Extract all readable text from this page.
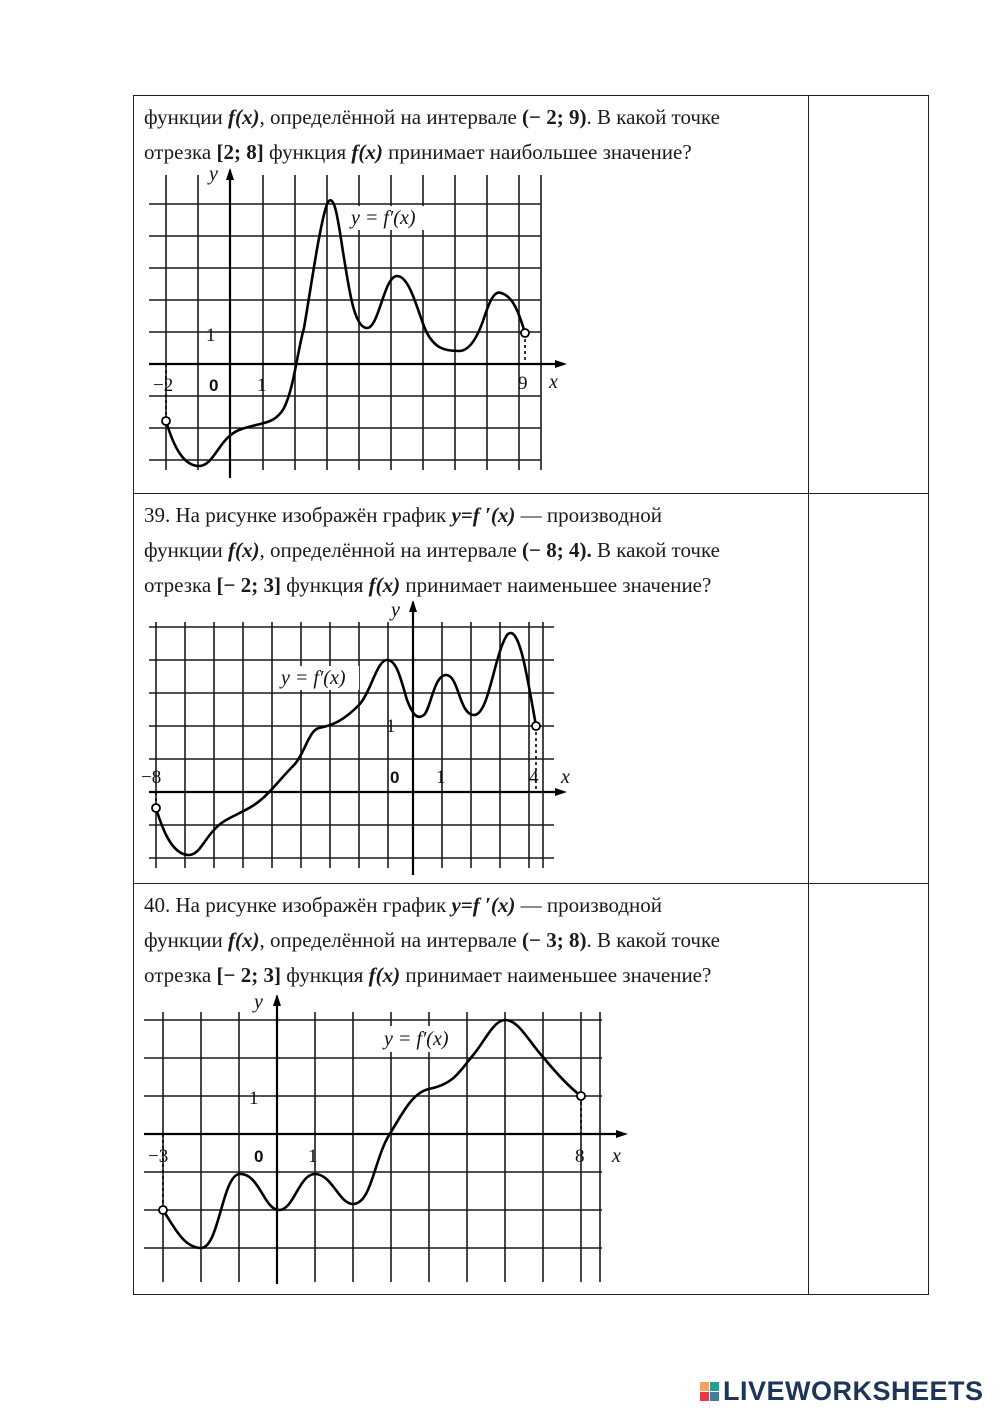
функции f(x), определённой на интервале (− 2; 9). В какой точке
отрезка [2; 8] функция f(x) принимает наибольшее значение?
y
x
1
0 1
−2	9
y = f′(x)
39. На рисунке изображён график y=f ′(x) — производной
функции f(x), определённой на интервале (− 8; 4). В какой точке
отрезка [− 2; 3] функция f(x) принимает наименьшее значение?
y
x
1
0 1
−8	4
y = f′(x)
40. На рисунке изображён график y=f ′(x) — производной
функции f(x), определённой на интервале (− 3; 8). В какой точке
отрезка [− 2; 3] функция f(x) принимает наименьшее значение?
y
x
1
0 1
−3	8
y = f′(x)
LIVEWORKSHEETS
